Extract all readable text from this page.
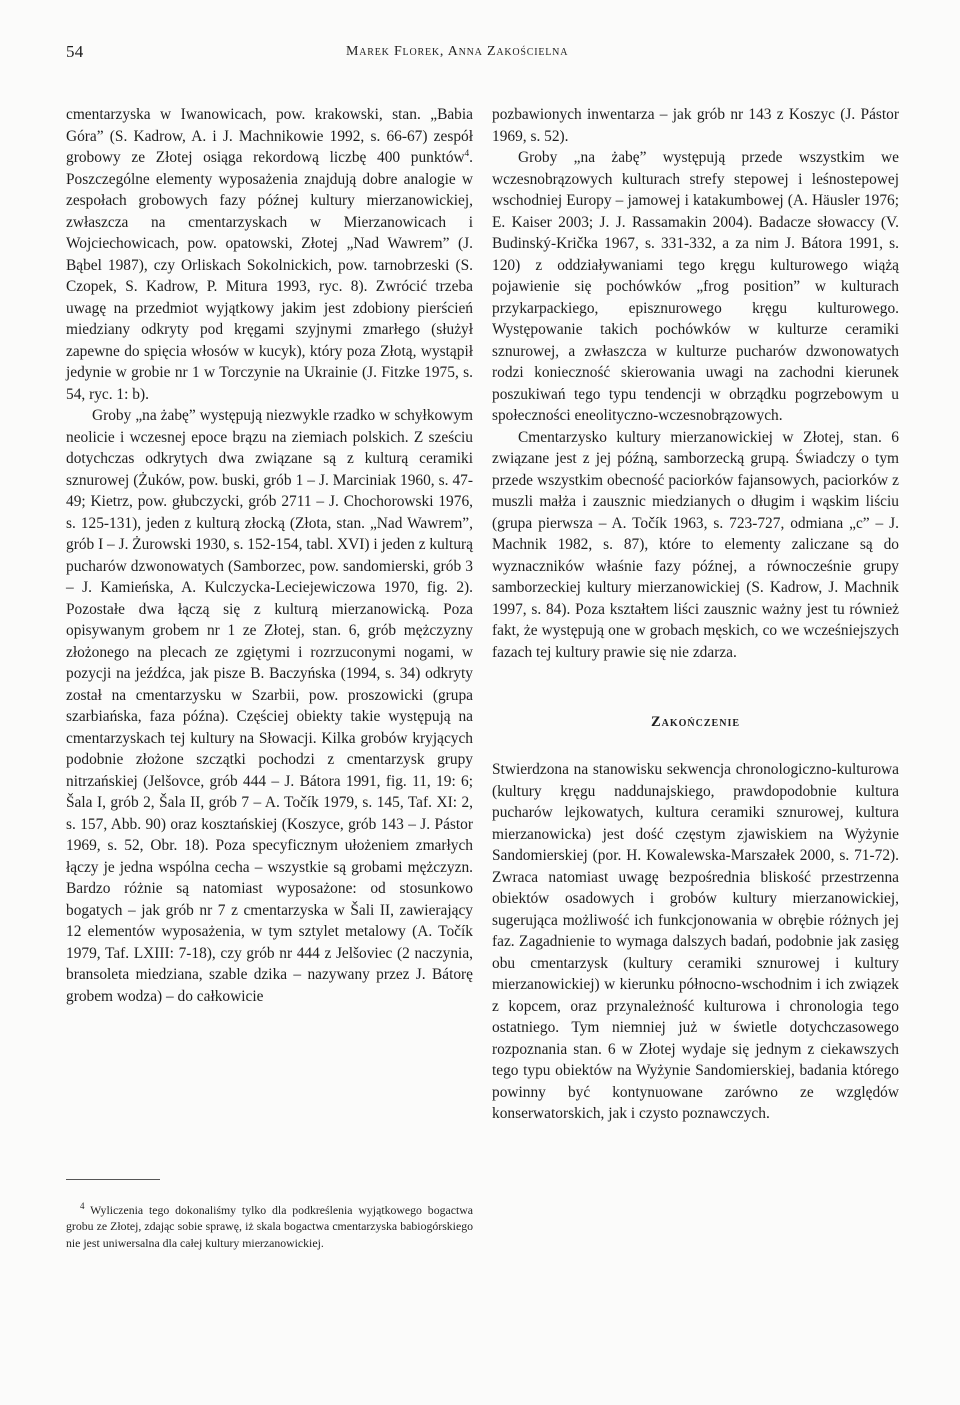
54	Marek Florek, Anna Zakościelna

cmentarzyska w Iwanowicach, pow. krakowski, stan. „Babia Góra” (S. Kadrow, A. i J. Machnikowie 1992, s. 66-67) zespół grobowy ze Złotej osiąga rekordową liczbę 400 punktów$^4$. Poszczególne elementy wyposażenia znajdują dobre analogie w zespołach grobowych fazy późnej kultury mierzanowickiej, zwłaszcza na cmentarzyskach w Mierzanowicach i Wojciechowicach, pow. opatowski, Złotej „Nad Wawrem” (J. Bąbel 1987), czy Orliskach Sokolnickich, pow. tarnobrzeski (S. Czopek, S. Kadrow, P. Mitura 1993, ryc. 8). Zwrócić trzeba uwagę na przedmiot wyjątkowy jakim jest zdobiony pierścień miedziany odkryty pod kręgami szyjnymi zmarłego (służył zapewne do spięcia włosów w kucyk), który poza Złotą, wystąpił jedynie w grobie nr 1 w Torczynie na Ukrainie (J. Fitzke 1975, s. 54, ryc. 1: b).

Groby „na żabę” występują niezwykle rzadko w schyłkowym neolicie i wczesnej epoce brązu na ziemiach polskich. Z sześciu dotychczas odkrytych dwa związane są z kulturą ceramiki sznurowej (Żuków, pow. buski, grób 1 – J. Marciniak 1960, s. 47-49; Kietrz, pow. głubczycki, grób 2711 – J. Chochorowski 1976, s. 125-131), jeden z kulturą złocką (Złota, stan. „Nad Wawrem”, grób I – J. Żurowski 1930, s. 152-154, tabl. XVI) i jeden z kulturą pucharów dzwonowatych (Samborzec, pow. sandomierski, grób 3 – J. Kamieńska, A. Kulczycka-Leciejewiczowa 1970, fig. 2). Pozostałe dwa łączą się z kulturą mierzanowicką. Poza opisywanym grobem nr 1 ze Złotej, stan. 6, grób mężczyzny złożonego na plecach ze zgiętymi i rozrzuconymi nogami, w pozycji na jeźdźca, jak pisze B. Baczyńska (1994, s. 34) odkryty został na cmentarzysku w Szarbii, pow. proszowicki (grupa szarbiańska, faza późna). Częściej obiekty takie występują na cmentarzyskach tej kultury na Słowacji. Kilka grobów kryjących podobnie złożone szczątki pochodzi z cmentarzysk grupy nitrzańskiej (Jelšovce, grób 444 – J. Bátora 1991, fig. 11, 19: 6; Šala I, grób 2, Šala II, grób 7 – A. Točík 1979, s. 145, Taf. XI: 2, s. 157, Abb. 90) oraz kosztańskiej (Koszyce, grób 143 – J. Pástor 1969, s. 52, Obr. 18). Poza specyficznym ułożeniem zmarłych łączy je jedna wspólna cecha – wszystkie są grobami mężczyzn. Bardzo różnie są natomiast wyposażone: od stosunkowo bogatych – jak grób nr 7 z cmentarzyska w Šali II, zawierający 12 elementów wyposażenia, w tym sztylet metalowy (A. Točík 1979, Taf. LXIII: 7-18), czy grób nr 444 z Jelšoviec (2 naczynia, bransoleta miedziana, szable dzika – nazywany przez J. Bátorę grobem wodza) – do całkowicie

pozbawionych inwentarza – jak grób nr 143 z Koszyc (J. Pástor 1969, s. 52).

Groby „na żabę” występują przede wszystkim we wczesnobrązowych kulturach strefy stepowej i leśnostepowej wschodniej Europy – jamowej i katakumbowej (A. Häusler 1976; E. Kaiser 2003; J. J. Rassamakin 2004). Badacze słowaccy (V. Budinský-Krička 1967, s. 331-332, a za nim J. Bátora 1991, s. 120) z oddziaływaniami tego kręgu kulturowego wiążą pojawienie się pochówków „frog position” w kulturach przykarpackiego, episznurowego kręgu kulturowego. Występowanie takich pochówków w kulturze ceramiki sznurowej, a zwłaszcza w kulturze pucharów dzwonowatych rodzi konieczność skierowania uwagi na zachodni kierunek poszukiwań tego typu tendencji w obrządku pogrzebowym u społeczności eneolityczno-wczesnobrązowych.

Cmentarzysko kultury mierzanowickiej w Złotej, stan. 6 związane jest z jej późną, samborzecką grupą. Świadczy o tym przede wszystkim obecność paciorków fajansowych, paciorków z muszli małża i zausznic miedzianych o długim i wąskim liściu (grupa pierwsza – A. Točík 1963, s. 723-727, odmiana „c” – J. Machnik 1982, s. 87), które to elementy zaliczane są do wyznaczników właśnie fazy późnej, a równocześnie grupy samborzeckiej kultury mierzanowickiej (S. Kadrow, J. Machnik 1997, s. 84). Poza kształtem liści zausznic ważny jest tu również fakt, że występują one w grobach męskich, co we wcześniejszych fazach tej kultury prawie się nie zdarza.

Zakończenie

Stwierdzona na stanowisku sekwencja chronologiczno-kulturowa (kultury kręgu naddunajskiego, prawdopodobnie kultura pucharów lejkowatych, kultura ceramiki sznurowej, kultura mierzanowicka) jest dość częstym zjawiskiem na Wyżynie Sandomierskiej (por. H. Kowalewska-Marszałek 2000, s. 71-72). Zwraca natomiast uwagę bezpośrednia bliskość przestrzenna obiektów osadowych i grobów kultury mierzanowickiej, sugerująca możliwość ich funkcjonowania w obrębie różnych jej faz. Zagadnienie to wymaga dalszych badań, podobnie jak zasięg obu cmentarzysk (kultury ceramiki sznurowej i kultury mierzanowickiej) w kierunku północno-wschodnim i ich związek z kopcem, oraz przynależność kulturowa i chronologia tego ostatniego. Tym niemniej już w świetle dotychczasowego rozpoznania stan. 6 w Złotej wydaje się jednym z ciekawszych tego typu obiektów na Wyżynie Sandomierskiej, badania którego powinny być kontynuowane zarówno ze względów konserwatorskich, jak i czysto poznawczych.

$^4$ Wyliczenia tego dokonaliśmy tylko dla podkreślenia wyjątkowego bogactwa grobu ze Złotej, zdając sobie sprawę, iż skala bogactwa cmentarzyska babiogórskiego nie jest uniwersalna dla całej kultury mierzanowickiej.
